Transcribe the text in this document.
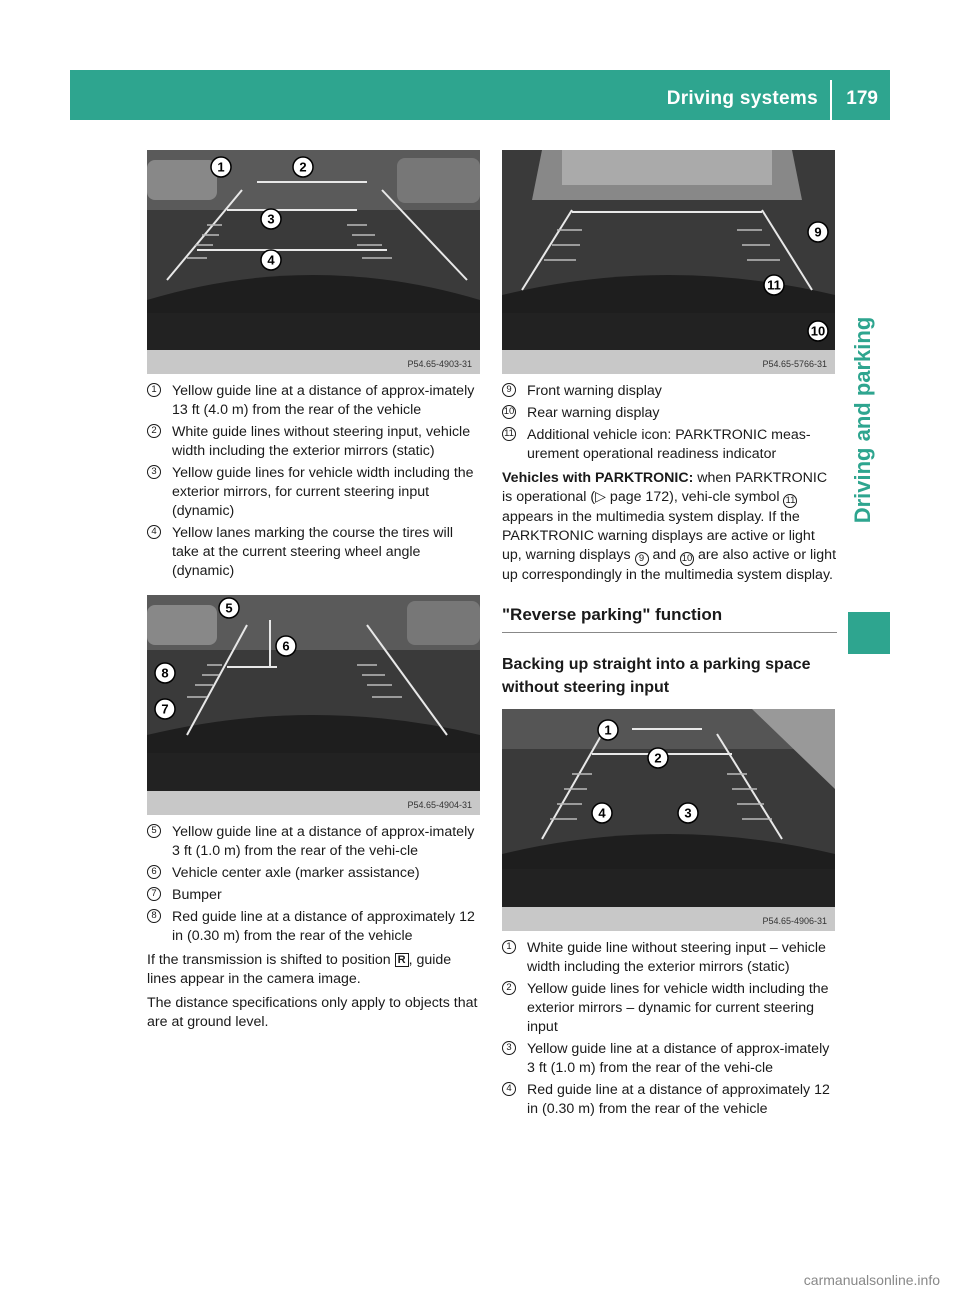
Driving systems 179
Driving and parking
1	2
3
4
P54.65-4903-31
1	Yellow guide line at a distance of approx-imately 13 ft (4.0 m) from the rear of the vehicle
2	White guide lines without steering input, vehicle width including the exterior mirrors (static)
3	Yellow guide lines for vehicle width including the exterior mirrors, for current steering input (dynamic)
4	Yellow lanes marking the course the tires will take at the current steering wheel angle (dynamic)
5
6
8
7
P54.65-4904-31
5	Yellow guide line at a distance of approx-imately 3 ft (1.0 m) from the rear of the vehi-cle
6	Vehicle center axle (marker assistance)
7	Bumper
8	Red guide line at a distance of approximately 12 in (0.30 m) from the rear of the vehicle
If the transmission is shifted to position R , guide lines appear in the camera image.
The distance specifications only apply to objects that are at ground level.
9
11
10
P54.65-5766-31
9	Front warning display
10 Rear warning display
11 Additional vehicle icon: PARKTRONIC meas-urement operational readiness indicator
Vehicles with PARKTRONIC: when PARKTRONIC is operational (▷ page 172), vehi-cle symbol 11 appears in the multimedia system display. If the PARKTRONIC warning displays are active or light up, warning displays 9 and 10 are also active or light up correspondingly in the multimedia system display.
"Reverse parking" function
Backing up straight into a parking space without steering input
1
2
4	3
P54.65-4906-31
1	White guide line without steering input – vehicle width including the exterior mirrors (static)
2	Yellow guide lines for vehicle width including the exterior mirrors – dynamic for current steering input
3	Yellow guide line at a distance of approx-imately 3 ft (1.0 m) from the rear of the vehi-cle
4	Red guide line at a distance of approximately 12 in (0.30 m) from the rear of the vehicle
carmanualsonline.info
